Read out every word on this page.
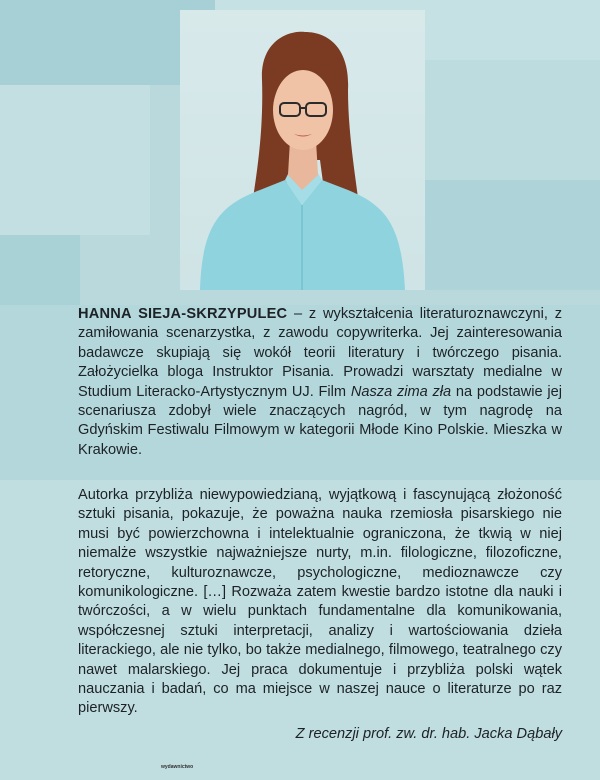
HANNA SIEJA-SKRZYPULEC – z wykształcenia literaturoznawczyni, z zamiłowania scenarzystka, z zawodu copywriterka. Jej zainteresowania badawcze skupiają się wokół teorii literatury i twórczego pisania. Założycielka bloga Instruktor Pisania. Prowadzi warsztaty medialne w Studium Literacko-Artystycznym UJ. Film Nasza zima zła na podstawie jej scenariusza zdobył wiele znaczących nagród, w tym nagrodę na Gdyńskim Festiwalu Filmowym w kategorii Młode Kino Polskie. Mieszka w Krakowie.
Autorka przybliża niewypowiedzianą, wyjątkową i fascynującą złożoność sztuki pisania, pokazuje, że poważna nauka rzemiosła pisarskiego nie musi być powierzchowna i intelektualnie ograniczona, że tkwią w niej niemalże wszystkie najważniejsze nurty, m.in. filologiczne, filozoficzne, retoryczne, kulturoznawcze, psychologiczne, medioznawcze czy komunikologiczne. […] Rozważa zatem kwestie bardzo istotne dla nauki i twórczości, a w wielu punktach fundamentalne dla komunikowania, współczesnej sztuki interpretacji, analizy i wartościowania dzieła literackiego, ale nie tylko, bo także medialnego, filmowego, teatralnego czy nawet malarskiego. Jej praca dokumentuje i przybliża polski wątek nauczania i badań, co ma miejsce w naszej nauce o literaturze po raz pierwszy.
Z recenzji prof. zw. dr. hab. Jacka Dąbały
wydawnictwo
